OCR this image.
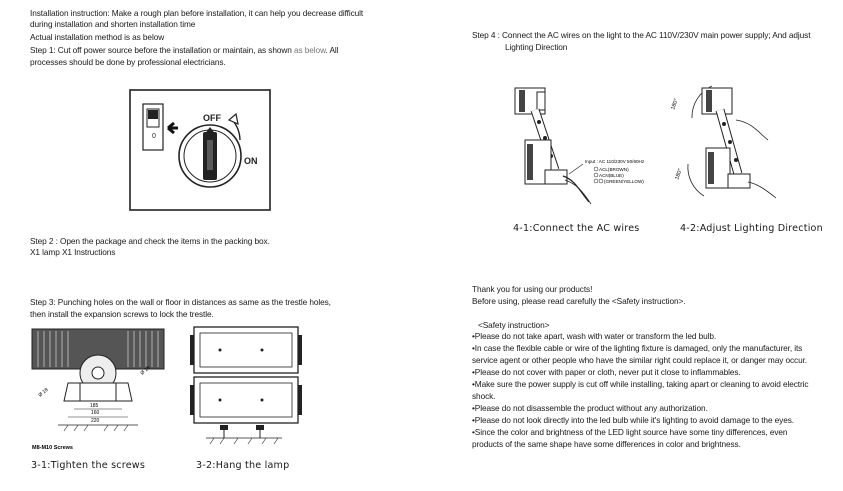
Installation instruction: Make a rough plan before installation, it can help you decrease difficult
during installation and shorten installation time
Actual installation method is as below
Step 1: Cut off power source before the installation or maintain, as shown as below. All
processes should be done by professional electricians.
0
OFF
ON
Step 2 : Open the package and check the items in the packing box.
X1 lamp X1 Instructions
Step 3: Punching holes on the wall or floor in distances as same as the trestle holes,
then install the expansion screws to lock the trestle.
185
160
220
Ø 18
Ø 18
M8-M10 Screws
3-1:Tighten the screws	3-2:Hang the lamp
Step 4 : Connect the AC wires on the light to the AC 110V/230V main power supply; And adjust
Lighting Direction
Input : AC 110/230V 50/60Hz
ACL(BROWN)
ACN(BLUE)
(GREEN/YELLOW)
4-1:Connect the AC wires
180°
180°
4-2:Adjust Lighting Direction
Thank you for using our products!
Before using, please read carefully the <Safety instruction>.
<Safety instruction>
•Please do not take apart, wash with water or transform the led bulb.
•In case the flexible cable or wire of the lighting fixture is damaged, only the manufacturer, its
service agent or other people who have the similar right could replace it, or danger may occur.
•Please do not cover with paper or cloth, never put it close to inflammables.
•Make sure the power supply is cut off while installing, taking apart or cleaning to avoid electric
shock.
•Please do not disassemble the product without any authorization.
•Please do not look directly into the led bulb while it's lighting to avoid damage to the eyes.
•Since the color and brightness of the LED light source have some tiny differences, even
products of the same shape have some differences in color and brightness.
